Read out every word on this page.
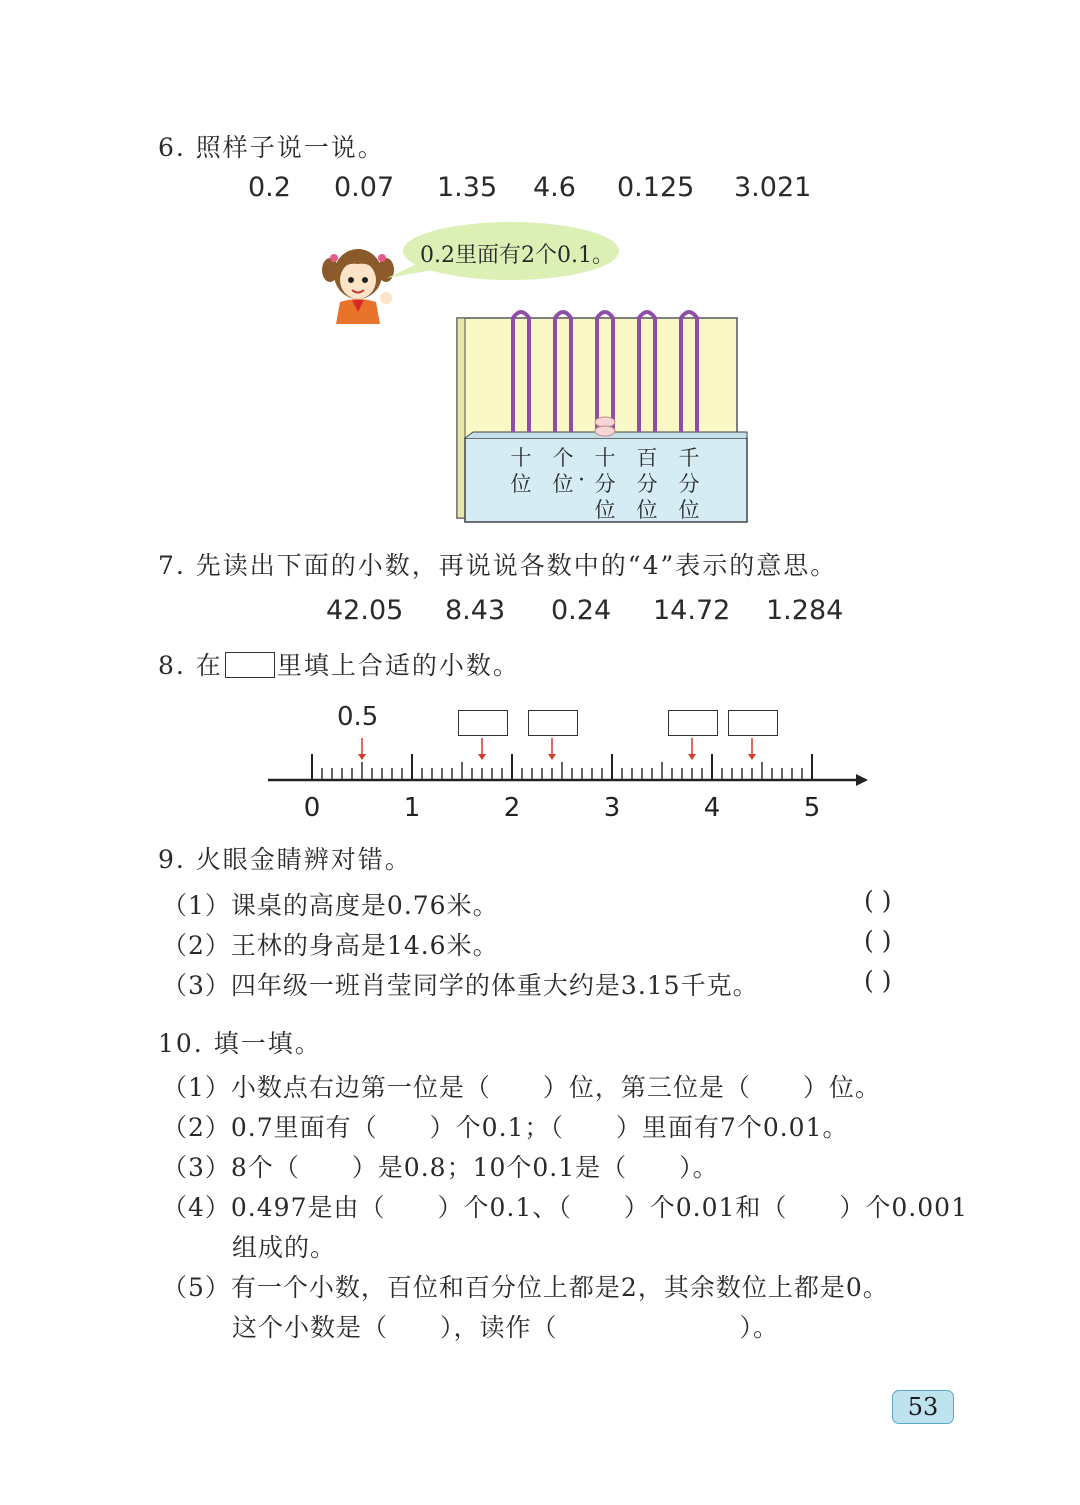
6. 照样子说一说。
0.2 0.07 1.35 4.6 0.125 3.021
0.2里面有2个0.1。
十
位
个
位 ·
十
分
位
百
分
位
千
分
位
7. 先读出下面的小数，再说说各数中的“4”表示的意思。
42.05 8.43 0.24 14.72 1.284
8. 在 里填上合适的小数。
0.5
0	1	2	3	4	5
9. 火眼金睛辨对错。
（1）课桌的高度是0.76米。	( )
（2）王林的身高是14.6米。	( )
（3）四年级一班肖莹同学的体重大约是3.15千克。	( )
10. 填一填。
（1）小数点右边第一位是（　　）位，第三位是（　　）位。
（2）0.7里面有（　　）个0.1；（　　）里面有7个0.01。
（3）8个（　　）是0.8；10个0.1是（　　）。
（4）0.497是由（　　）个0.1、（　　）个0.01和（　　）个0.001
组成的。
（5）有一个小数，百位和百分位上都是2，其余数位上都是0。
这个小数是（　　），读作（　　　　　　　）。
53
